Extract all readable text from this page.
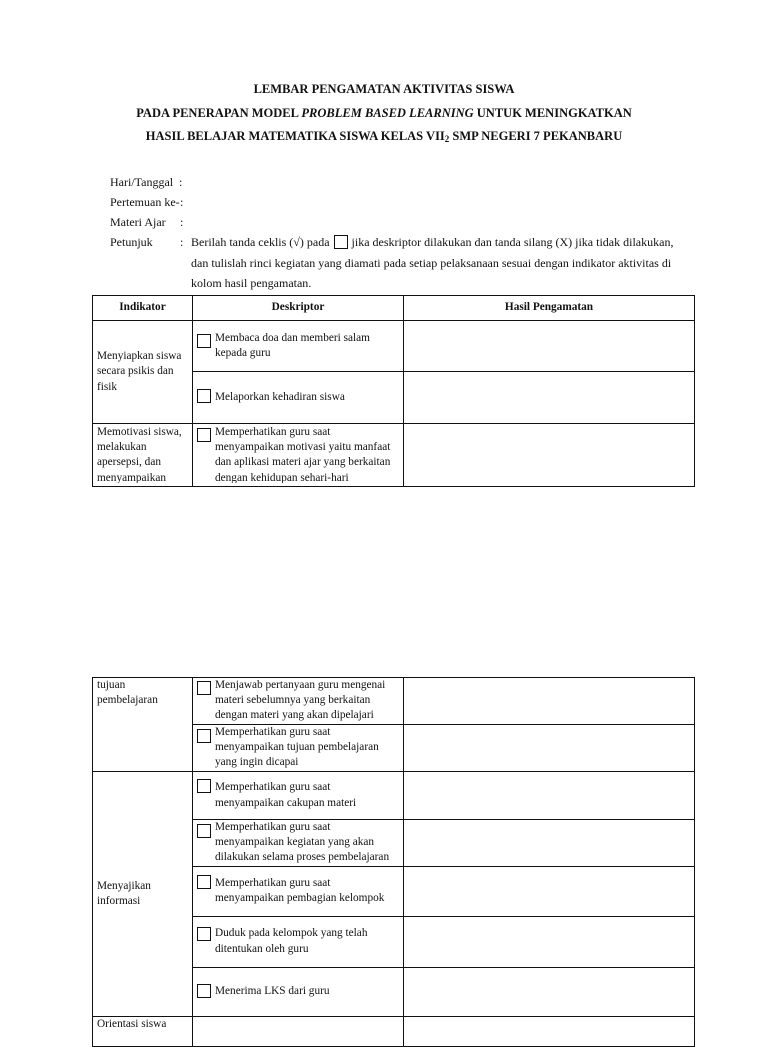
LEMBAR PENGAMATAN AKTIVITAS SISWA
PADA PENERAPAN MODEL PROBLEM BASED LEARNING UNTUK MENINGKATKAN
HASIL BELAJAR MATEMATIKA SISWA KELAS $VII_2$ SMP NEGERI 7 PEKANBARU
Hari/Tanggal :
Pertemuan ke- :
Materi Ajar :
Petunjuk : Berilah tanda ceklis (√) pada jika deskriptor dilakukan dan tanda silang (X) jika tidak dilakukan, dan tulislah rinci kegiatan yang diamati pada setiap pelaksanaan sesuai dengan indikator aktivitas di kolom hasil pengamatan.
Indikator	Deskriptor	Hasil Pengamatan
Menyiapkan siswa secara psikis dan fisik	Membaca doa dan memberi salam kepada guru	

	Melaporkan kehadiran siswa	

Memotivasi siswa, melakukan apersepsi, dan menyampaikan	Memperhatikan guru saat menyampaikan motivasi yaitu manfaat dan aplikasi materi ajar yang berkaitan dengan kehidupan sehari-hari	

tujuan pembelajaran	Menjawab pertanyaan guru mengenai materi sebelumnya yang berkaitan dengan materi yang akan dipelajari	

	Memperhatikan guru saat menyampaikan tujuan pembelajaran yang ingin dicapai	

Menyajikan informasi	Memperhatikan guru saat menyampaikan cakupan materi	

	Memperhatikan guru saat menyampaikan kegiatan yang akan dilakukan selama proses pembelajaran	

	Memperhatikan guru saat menyampaikan pembagian kelompok	

	Duduk pada kelompok yang telah ditentukan oleh guru	

	Menerima LKS dari guru	

Orientasi siswa		
